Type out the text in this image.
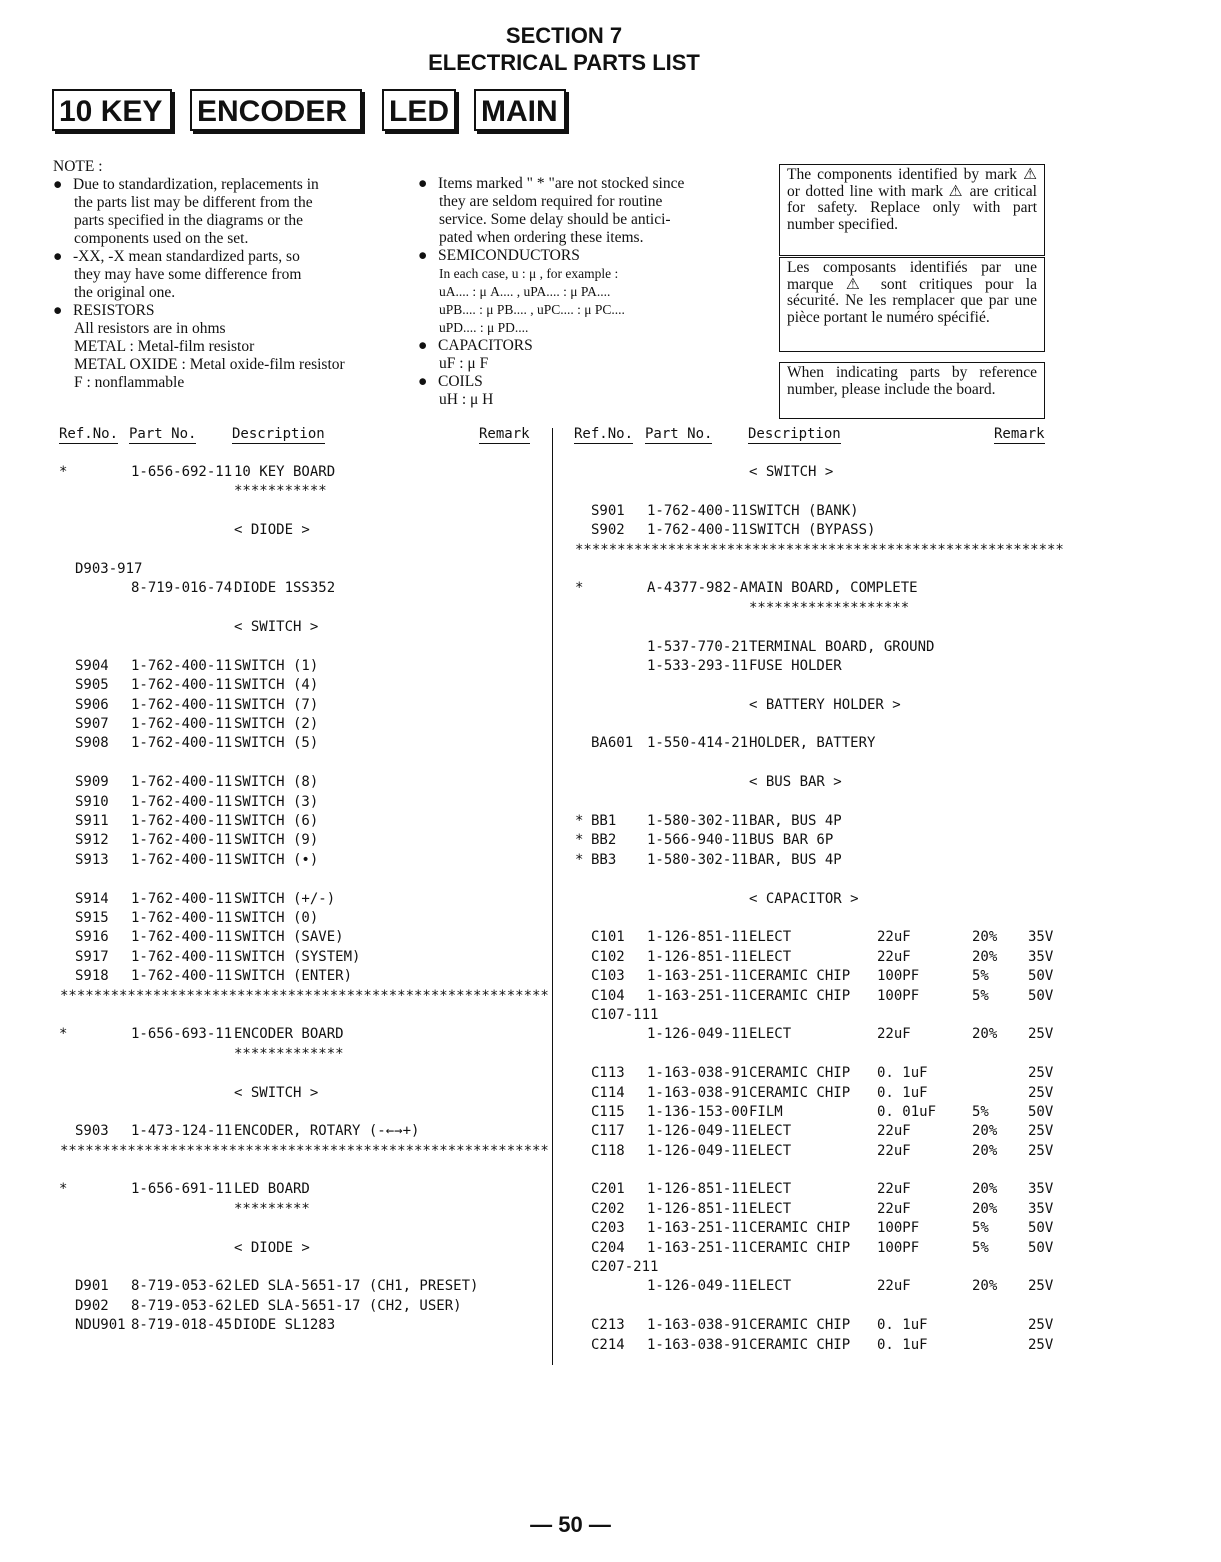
SECTION 7
ELECTRICAL PARTS LIST
10 KEY	ENCODER	LED MAIN
NOTE :
● Due to standardization, replacements in
the parts list may be different from the
parts specified in the diagrams or the
components used on the set.
● -XX, -X mean standardized parts, so
they may have some difference from
the original one.
● RESISTORS
All resistors are in ohms
METAL : Metal-film resistor
METAL OXIDE : Metal oxide-film resistor
F : nonflammable
● Items marked " * "are not stocked since
they are seldom required for routine
service. Some delay should be antici-
pated when ordering these items.
● SEMICONDUCTORS
In each case, u : μ , for example :
uA.... : μ A.... , uPA.... : μ PA....
uPB.... : μ PB.... , uPC.... : μ PC....
uPD.... : μ PD....
● CAPACITORS
uF : μ F
● COILS
uH : μ H
The components identified by mark ⚠ or dotted line with mark ⚠ are critical for safety. Replace only with part number specified.
Les composants identifiés par une marque ⚠ sont critiques pour la sécurité. Ne les remplacer que par une pièce portant le numéro spécifié.
When indicating parts by reference number, please include the board.
Ref.No. Part No.	Description	Remark	Ref.No. Part No.	Description	Remark
*	1-656-692-11 10 KEY BOARD
***********
< DIODE >
D903-917
8-719-016-74 DIODE 1SS352
< SWITCH >
S904 1-762-400-11 SWITCH (1)
S905 1-762-400-11 SWITCH (4)
S906 1-762-400-11 SWITCH (7)
S907 1-762-400-11 SWITCH (2)
S908 1-762-400-11 SWITCH (5)
S909 1-762-400-11 SWITCH (8)
S910 1-762-400-11 SWITCH (3)
S911 1-762-400-11 SWITCH (6)
S912 1-762-400-11 SWITCH (9)
S913 1-762-400-11 SWITCH (•)
S914 1-762-400-11 SWITCH (+/-)
S915 1-762-400-11 SWITCH (0)
S916 1-762-400-11 SWITCH (SAVE)
S917 1-762-400-11 SWITCH (SYSTEM)
S918 1-762-400-11 SWITCH (ENTER)
**********************************************************
*	1-656-693-11 ENCODER BOARD
*************
< SWITCH >
S903 1-473-124-11 ENCODER, ROTARY (-←→+)
**********************************************************
*	1-656-691-11 LED BOARD
*********
< DIODE >
D901 8-719-053-62 LED SLA-5651-17 (CH1, PRESET)
D902 8-719-053-62 LED SLA-5651-17 (CH2, USER)
NDU901 8-719-018-45 DIODE SL1283
< SWITCH >
S901 1-762-400-11 SWITCH (BANK)
S902 1-762-400-11 SWITCH (BYPASS)
**********************************************************
*	A-4377-982-A MAIN BOARD, COMPLETE
*******************
1-537-770-21 TERMINAL BOARD, GROUND
1-533-293-11 FUSE HOLDER
< BATTERY HOLDER >
BA601 1-550-414-21 HOLDER, BATTERY
< BUS BAR >
* BB1 1-580-302-11 BAR, BUS 4P
* BB2 1-566-940-11 BUS BAR 6P
* BB3 1-580-302-11 BAR, BUS 4P
< CAPACITOR >
C101 1-126-851-11 ELECT	22uF	20% 35V
C102 1-126-851-11 ELECT	22uF	20% 35V
C103 1-163-251-11 CERAMIC CHIP 100PF	5%	50V
C104 1-163-251-11 CERAMIC CHIP 100PF	5%	50V
C107-111
1-126-049-11 ELECT	22uF	20% 25V
C113 1-163-038-91 CERAMIC CHIP 0. 1uF	25V
C114 1-163-038-91 CERAMIC CHIP 0. 1uF	25V
C115 1-136-153-00 FILM	0. 01uF	5%	50V
C117 1-126-049-11 ELECT	22uF	20% 25V
C118 1-126-049-11 ELECT	22uF	20% 25V
C201 1-126-851-11 ELECT	22uF	20% 35V
C202 1-126-851-11 ELECT	22uF	20% 35V
C203 1-163-251-11 CERAMIC CHIP 100PF	5%	50V
C204 1-163-251-11 CERAMIC CHIP 100PF	5%	50V
C207-211
1-126-049-11 ELECT	22uF	20% 25V
C213 1-163-038-91 CERAMIC CHIP 0. 1uF	25V
C214 1-163-038-91 CERAMIC CHIP 0. 1uF	25V
— 50 —
